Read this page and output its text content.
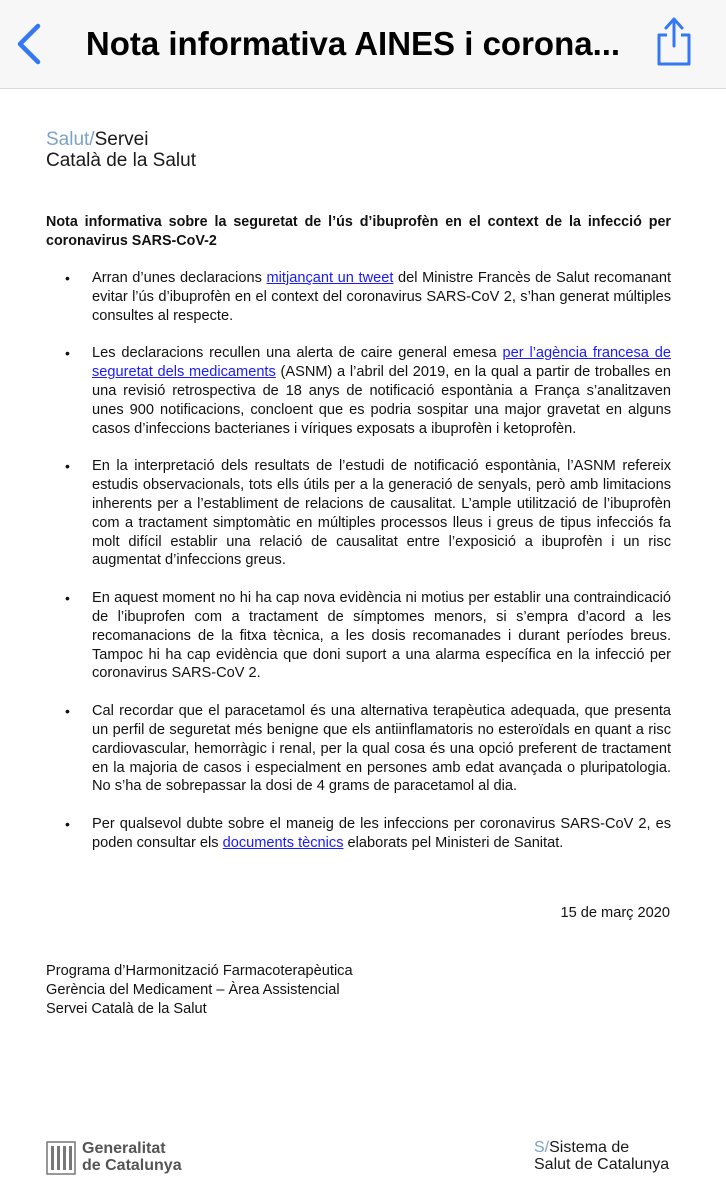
Nota informativa AINES i corona...
Salut/Servei
Català de la Salut
Nota informativa sobre la seguretat de l’ús d’ibuprofèn en el context de la infecció per coronavirus SARS-CoV-2
• Arran d’unes declaracions mitjançant un tweet del Ministre Francès de Salut recomanant evitar l’ús d’ibuprofèn en el context del coronavirus SARS-CoV 2, s’han generat múltiples consultes al respecte.
• Les declaracions recullen una alerta de caire general emesa per l’agència francesa de seguretat dels medicaments (ASNM) a l’abril del 2019, en la qual a partir de troballes en una revisió retrospectiva de 18 anys de notificació espontània a França s’analitzaven unes 900 notificacions, concloent que es podria sospitar una major gravetat en alguns casos d’infeccions bacterianes i víriques exposats a ibuprofèn i ketoprofèn.
• En la interpretació dels resultats de l’estudi de notificació espontània, l’ASNM refereix estudis observacionals, tots ells útils per a la generació de senyals, però amb limitacions inherents per a l’establiment de relacions de causalitat. L’ample utilització de l’ibuprofèn com a tractament simptomàtic en múltiples processos lleus i greus de tipus infecciós fa molt difícil establir una relació de causalitat entre l’exposició a ibuprofèn i un risc augmentat d’infeccions greus.
• En aquest moment no hi ha cap nova evidència ni motius per establir una contraindicació de l’ibuprofen com a tractament de símptomes menors, si s’empra d’acord a les recomanacions de la fitxa tècnica, a les dosis recomanades i durant períodes breus. Tampoc hi ha cap evidència que doni suport a una alarma específica en la infecció per coronavirus SARS-CoV 2.
• Cal recordar que el paracetamol és una alternativa terapèutica adequada, que presenta un perfil de seguretat més benigne que els antiinflamatoris no esteroïdals en quant a risc cardiovascular, hemorràgic i renal, per la qual cosa és una opció preferent de tractament en la majoria de casos i especialment en persones amb edat avançada o pluripatologia. No s’ha de sobrepassar la dosi de 4 grams de paracetamol al dia.
• Per qualsevol dubte sobre el maneig de les infeccions per coronavirus SARS-CoV 2, es poden consultar els documents tècnics elaborats pel Ministeri de Sanitat.
15 de març 2020
Programa d’Harmonització Farmacoterapèutica
Gerència del Medicament – Àrea Assistencial
Servei Català de la Salut
Generalitat
de Catalunya
S/Sistema de
Salut de Catalunya
